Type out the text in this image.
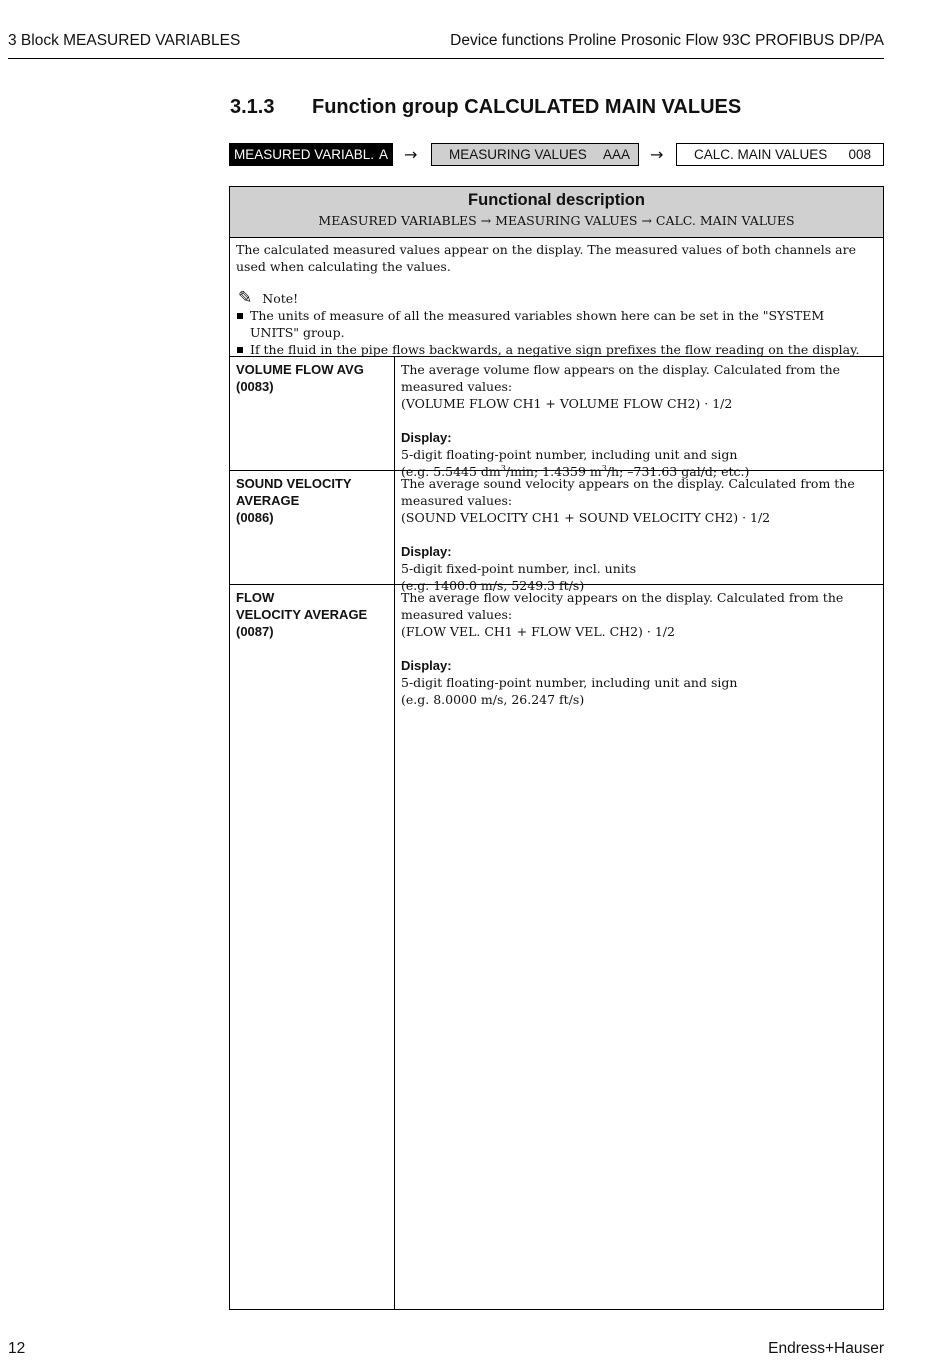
3 Block MEASURED VARIABLES	Device functions Proline Prosonic Flow 93C PROFIBUS DP/PA
3.1.3 Function group CALCULATED MAIN VALUES
MEASURED VARIABL. A → MEASURING VALUES AAA → CALC. MAIN VALUES 008
Functional description
MEASURED VARIABLES → MEASURING VALUES → CALC. MAIN VALUES

The calculated measured values appear on the display. The measured values of both channels are used when calculating the values.

✎ Note!
The units of measure of all the measured variables shown here can be set in the "SYSTEM UNITS" group.
If the fluid in the pipe flows backwards, a negative sign prefixes the flow reading on the display.
VOLUME FLOW AVG
(0083)
The average volume flow appears on the display. Calculated from the measured values:
(VOLUME FLOW CH1 + VOLUME FLOW CH2) · 1/2
Display:
5-digit floating-point number, including unit and sign
(e.g. 5.5445 $dm^3/\min$; 1.4359 $m^3/h$; –731.63 gal/d; etc.)
SOUND VELOCITY
AVERAGE
(0086)
The average sound velocity appears on the display. Calculated from the measured values:
(SOUND VELOCITY CH1 + SOUND VELOCITY CH2) · 1/2
Display:
5-digit fixed-point number, incl. units
(e.g. 1400.0 m/s, 5249.3 ft/s)
FLOW
VELOCITY AVERAGE
(0087)
The average flow velocity appears on the display. Calculated from the measured values:
(FLOW VEL. CH1 + FLOW VEL. CH2) · 1/2
Display:
5-digit floating-point number, including unit and sign
(e.g. 8.0000 m/s, 26.247 ft/s)
12	Endress+Hauser
